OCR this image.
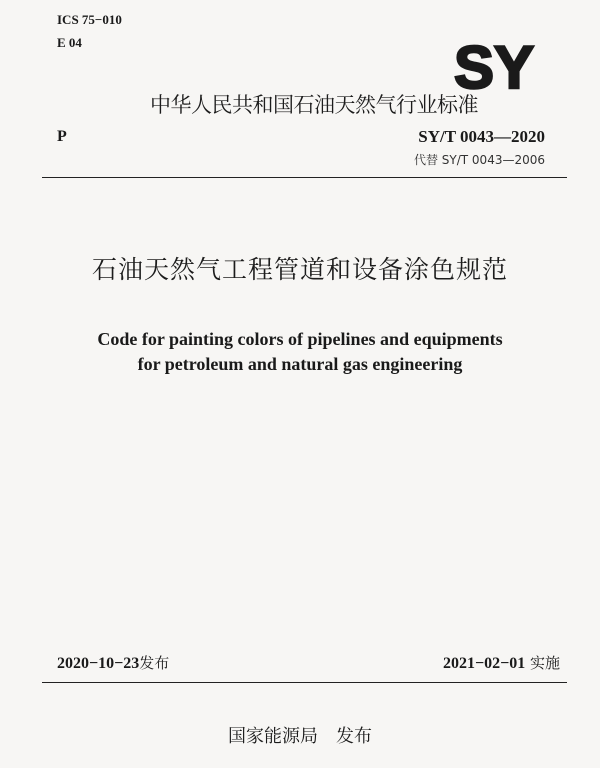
ICS 75−010
E 04	SY
中华人民共和国石油天然气行业标准
P	SY/T 0043—2020
代替 SY/T 0043—2006
石油天然气工程管道和设备涂色规范
Code for painting colors of pipelines and equipments
for petroleum and natural gas engineering
2020−10−23发布	2021−02−01 实施
国家能源局 发布
